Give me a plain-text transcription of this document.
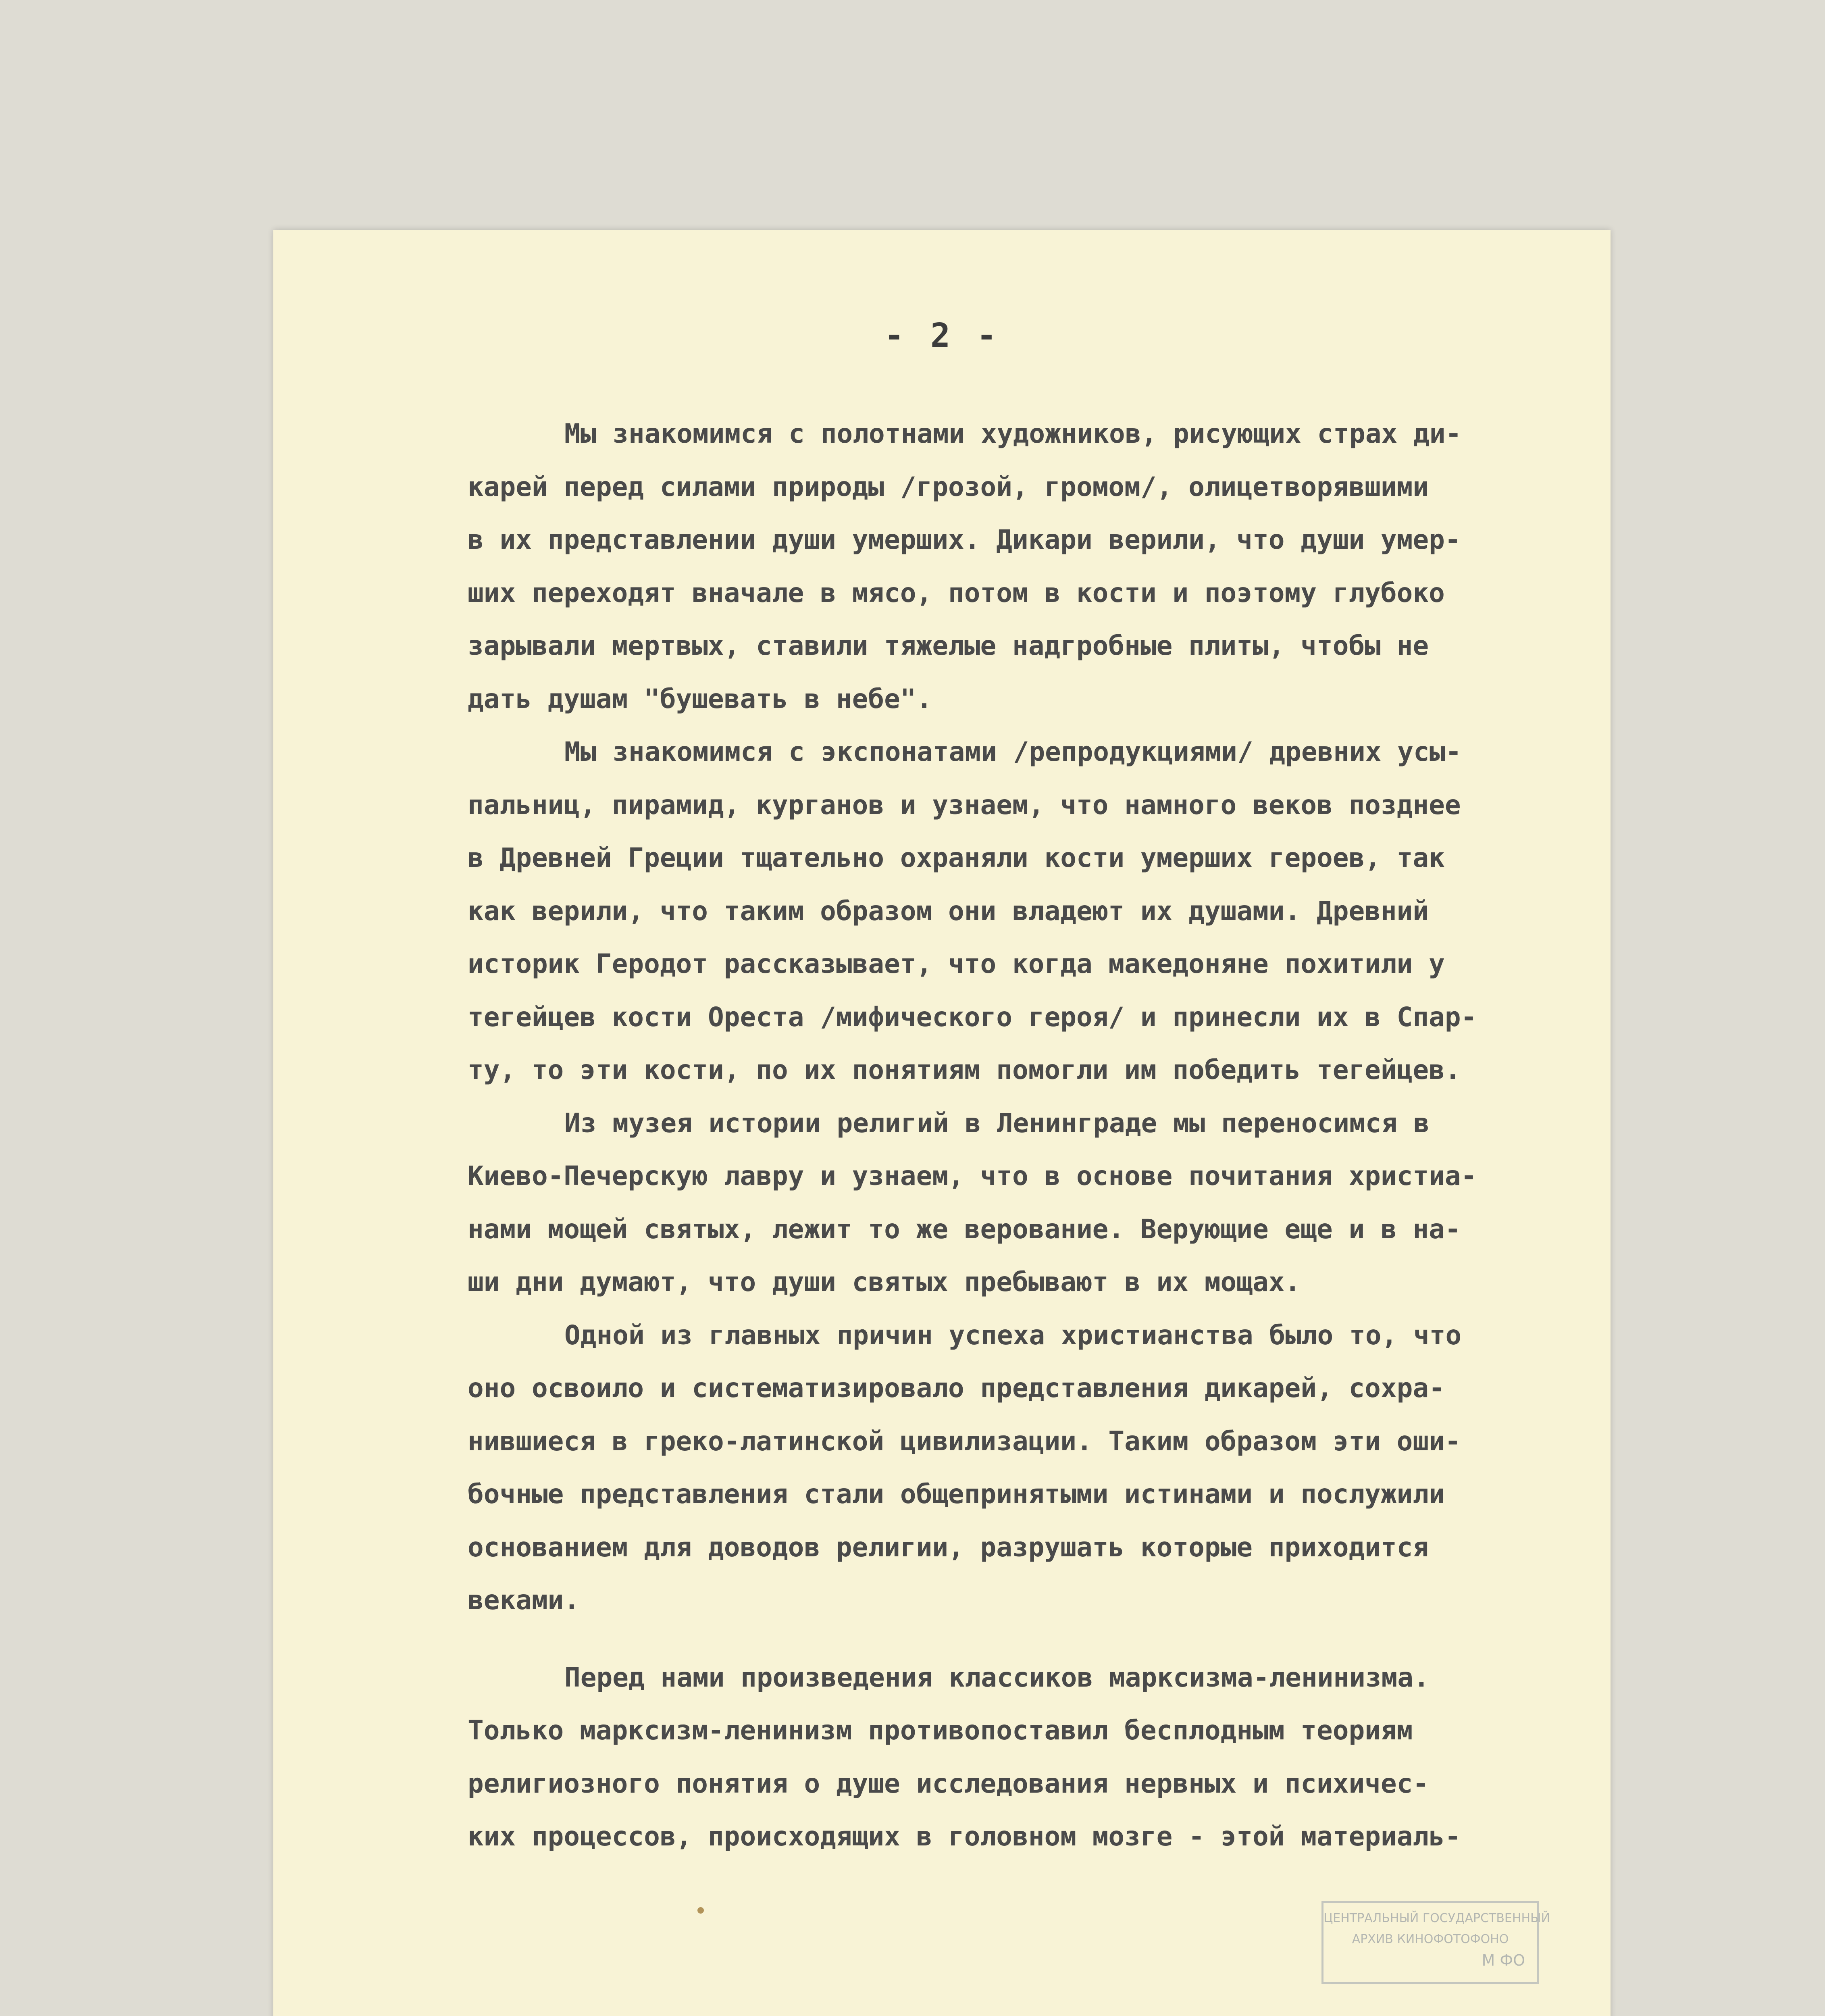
- 2 -
Мы знакомимся с полотнами художников, рисующих страх ди-
карей перед силами природы /грозой, громом/, олицетворявшими
в их представлении души умерших. Дикари верили, что души умер-
ших переходят вначале в мясо, потом в кости и поэтому глубоко
зарывали мертвых, ставили тяжелые надгробные плиты, чтобы не
дать душам "бушевать в небе".
Мы знакомимся с экспонатами /репродукциями/ древних усы-
пальниц, пирамид, курганов и узнаем, что намного веков позднее
в Древней Греции тщательно охраняли кости умерших героев, так
как верили, что таким образом они владеют их душами. Древний
историк Геродот рассказывает, что когда македоняне похитили у
тегейцев кости Ореста /мифического героя/ и принесли их в Спар-
ту, то эти кости, по их понятиям помогли им победить тегейцев.
Из музея истории религий в Ленинграде мы переносимся в
Киево-Печерскую лавру и узнаем, что в основе почитания христиа-
нами мощей святых, лежит то же верование. Верующие еще и в на-
ши дни думают, что души святых пребывают в их мощах.
Одной из главных причин успеха христианства было то, что
оно освоило и систематизировало представления дикарей, сохра-
нившиеся в греко-латинской цивилизации. Таким образом эти оши-
бочные представления стали общепринятыми истинами и послужили
основанием для доводов религии, разрушать которые приходится
веками.
Перед нами произведения классиков марксизма-ленинизма.
Только марксизм-ленинизм противопоставил бесплодным теориям
религиозного понятия о душе исследования нервных и психичес-
ких процессов, происходящих в головном мозге - этой материаль-
ЦЕНТРАЛЬНЫЙ ГОСУДАРСТВЕННЫЙ
АРХИВ КИНОФОТОФОНО
М ФО
